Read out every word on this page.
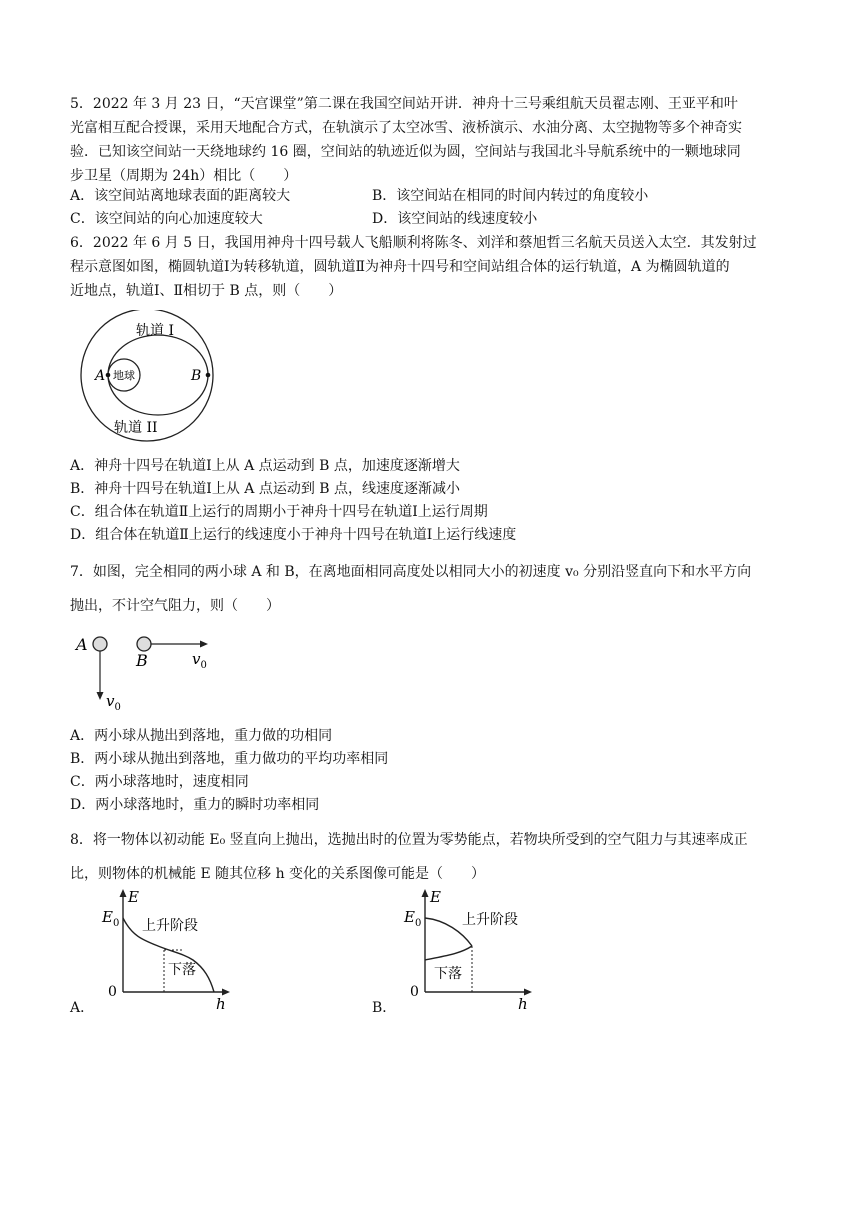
5．2022 年 3 月 23 日，“天宫课堂”第二课在我国空间站开讲．神舟十三号乘组航天员翟志刚、王亚平和叶
光富相互配合授课，采用天地配合方式，在轨演示了太空冰雪、液桥演示、水油分离、太空抛物等多个神奇实
验．已知该空间站一天绕地球约 16 圈，空间站的轨迹近似为圆，空间站与我国北斗导航系统中的一颗地球同
步卫星（周期为 24h）相比（　　）
A．该空间站离地球表面的距离较大	B．该空间站在相同的时间内转过的角度较小
C．该空间站的向心加速度较大	D．该空间站的线速度较小
6．2022 年 6 月 5 日，我国用神舟十四号载人飞船顺利将陈冬、刘洋和蔡旭哲三名航天员送入太空．其发射过
程示意图如图，椭圆轨道Ⅰ为转移轨道，圆轨道Ⅱ为神舟十四号和空间站组合体的运行轨道，A 为椭圆轨道的
近地点，轨道Ⅰ、Ⅱ相切于 B 点，则（　　）
地球
A	B
轨道 I
轨道 II
A．神舟十四号在轨道Ⅰ上从 A 点运动到 B 点，加速度逐渐增大
B．神舟十四号在轨道Ⅰ上从 A 点运动到 B 点，线速度逐渐减小
C．组合体在轨道Ⅱ上运行的周期小于神舟十四号在轨道Ⅰ上运行周期
D．组合体在轨道Ⅱ上运行的线速度小于神舟十四号在轨道Ⅰ上运行线速度
7．如图，完全相同的两小球 A 和 B，在离地面相同高度处以相同大小的初速度 v₀ 分别沿竖直向下和水平方向
抛出，不计空气阻力，则（　　）
A
B	$v_0$
$v_0$
A．两小球从抛出到落地，重力做的功相同
B．两小球从抛出到落地，重力做功的平均功率相同
C．两小球落地时，速度相同
D．两小球落地时，重力的瞬时功率相同
8．将一物体以初动能 E₀ 竖直向上抛出，选抛出时的位置为零势能点，若物块所受到的空气阻力与其速率成正
比，则物体的机械能 E 随其位移 h 变化的关系图像可能是（　　）
E
$E_0$ 上升阶段
下落
0
h
A．
E
$E_0$	上升阶段
下落
0
h
B．
